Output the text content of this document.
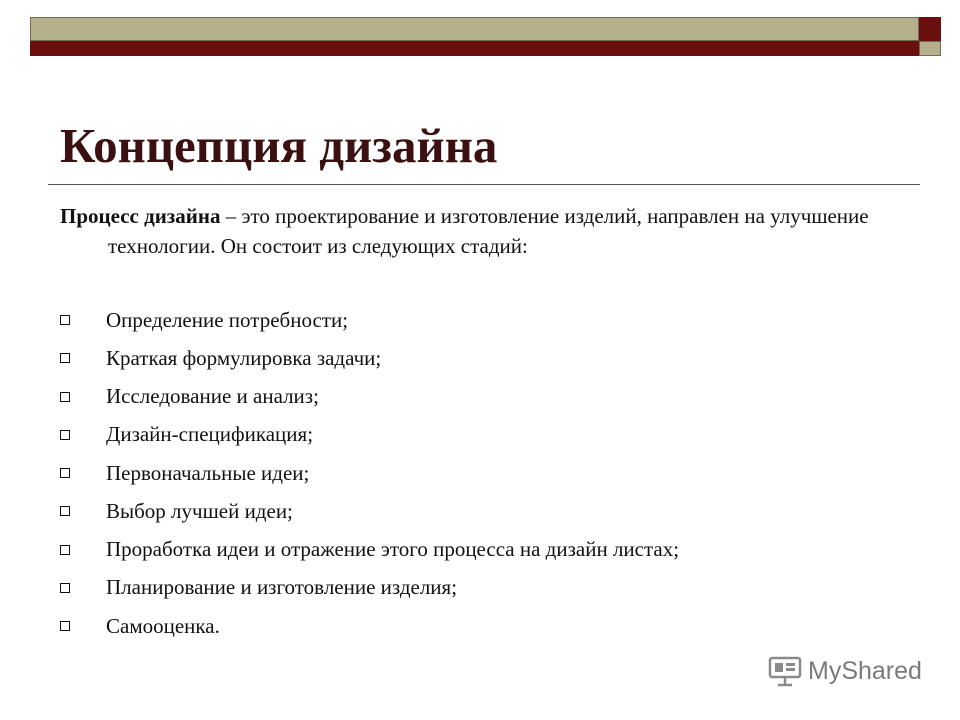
Концепция дизайна

Процесс дизайна – это проектирование и изготовление изделий, направлен на улучшение технологии. Он состоит из следующих стадий:

Определение потребности;
Краткая формулировка задачи;
Исследование и анализ;
Дизайн-спецификация;
Первоначальные идеи;
Выбор лучшей идеи;
Проработка идеи и отражение этого процесса на дизайн листах;
Планирование и изготовление изделия;
Самооценка.
MyShared
